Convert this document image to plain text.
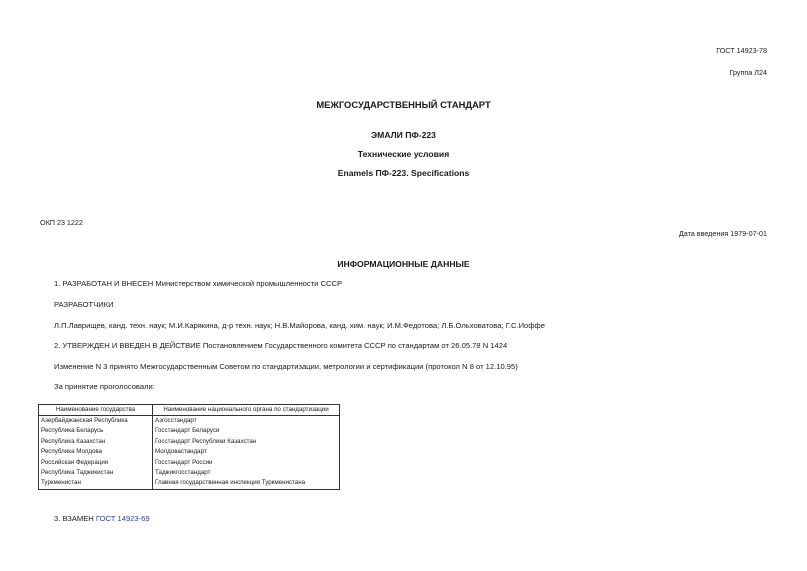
ГОСТ 14923-78
Группа Л24
МЕЖГОСУДАРСТВЕННЫЙ СТАНДАРТ
ЭМАЛИ ПФ-223
Технические условия
Enamels ПФ-223. Specifications
ОКП 23 1222
Дата введения 1979-07-01
ИНФОРМАЦИОННЫЕ ДАННЫЕ
1. РАЗРАБОТАН И ВНЕСЕН Министерством химической промышленности СССР
РАЗРАБОТЧИКИ
Л.П.Лаврищев, канд. техн. наук; М.И.Карякина, д-р техн. наук; Н.В.Майорова, канд. хим. наук; И.М.Федотова; Л.Б.Ольховатова; Г.С.Иоффе
2. УТВЕРЖДЕН И ВВЕДЕН В ДЕЙСТВИЕ Постановлением Государственного комитета СССР по стандартам от 26.05.78 N 1424
Изменение N 3 принято Межгосударственным Советом по стандартизации, метрологии и сертификации (протокол N 8 от 12.10.95)
За принятие проголосовали:
Наименование государства	Наименование национального органа по стандартизации
Азербайджанская Республика	Азгосстандарт
Республика Беларусь	Госстандарт Беларуси
Республика Казахстан	Госстандарт Республики Казахстан
Республика Молдова	Молдовастандарт
Российская Федерация	Госстандарт России
Республика Таджикистан	Таджикгосстандарт
Туркменистан	Главная государственная инспекция Туркменистана
3. ВЗАМЕН ГОСТ 14923-69
